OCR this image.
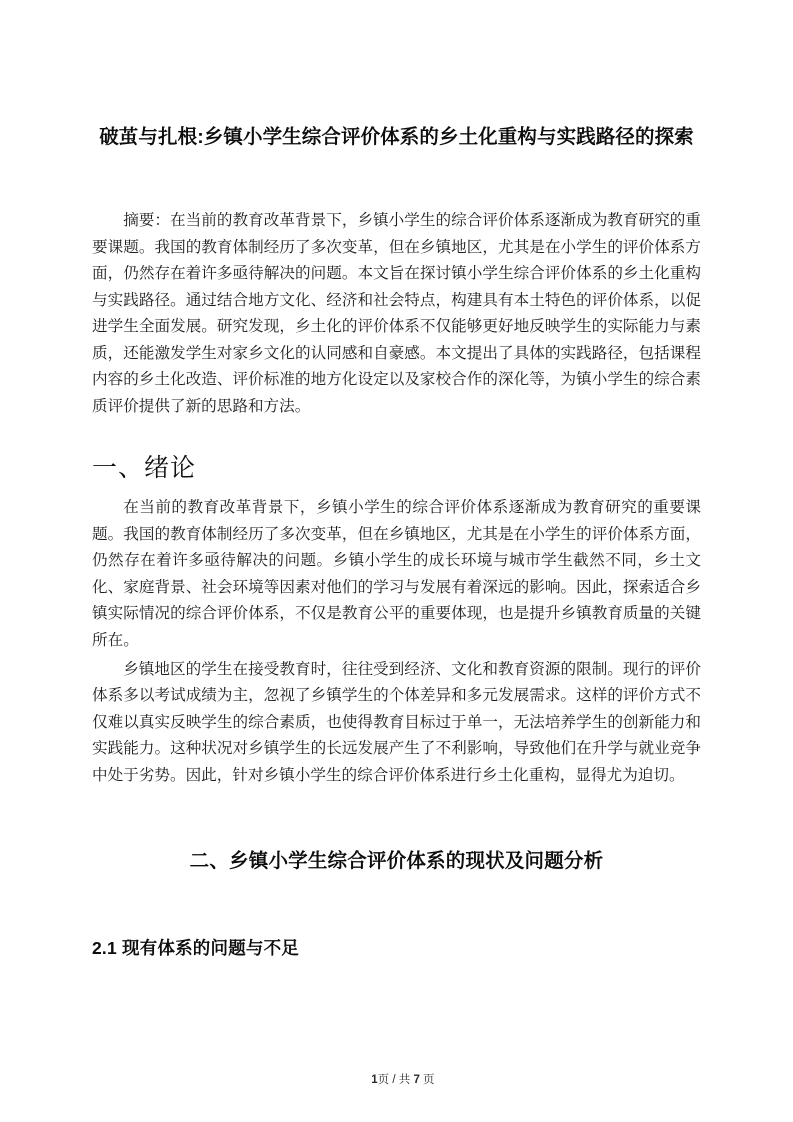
破茧与扎根:乡镇小学生综合评价体系的乡土化重构与实践路径的探索

摘要：在当前的教育改革背景下，乡镇小学生的综合评价体系逐渐成为教育研究的重要课题。我国的教育体制经历了多次变革，但在乡镇地区，尤其是在小学生的评价体系方面，仍然存在着许多亟待解决的问题。本文旨在探讨镇小学生综合评价体系的乡土化重构与实践路径。通过结合地方文化、经济和社会特点，构建具有本土特色的评价体系，以促进学生全面发展。研究发现，乡土化的评价体系不仅能够更好地反映学生的实际能力与素质，还能激发学生对家乡文化的认同感和自豪感。本文提出了具体的实践路径，包括课程内容的乡土化改造、评价标准的地方化设定以及家校合作的深化等，为镇小学生的综合素质评价提供了新的思路和方法。

一、绪论

在当前的教育改革背景下，乡镇小学生的综合评价体系逐渐成为教育研究的重要课题。我国的教育体制经历了多次变革，但在乡镇地区，尤其是在小学生的评价体系方面，仍然存在着许多亟待解决的问题。乡镇小学生的成长环境与城市学生截然不同，乡土文化、家庭背景、社会环境等因素对他们的学习与发展有着深远的影响。因此，探索适合乡镇实际情况的综合评价体系，不仅是教育公平的重要体现，也是提升乡镇教育质量的关键所在。

乡镇地区的学生在接受教育时，往往受到经济、文化和教育资源的限制。现行的评价体系多以考试成绩为主，忽视了乡镇学生的个体差异和多元发展需求。这样的评价方式不仅难以真实反映学生的综合素质，也使得教育目标过于单一，无法培养学生的创新能力和实践能力。这种状况对乡镇学生的长远发展产生了不利影响，导致他们在升学与就业竞争中处于劣势。因此，针对乡镇小学生的综合评价体系进行乡土化重构，显得尤为迫切。

二、乡镇小学生综合评价体系的现状及问题分析
2.1 现有体系的问题与不足

1页 / 共 7 页
